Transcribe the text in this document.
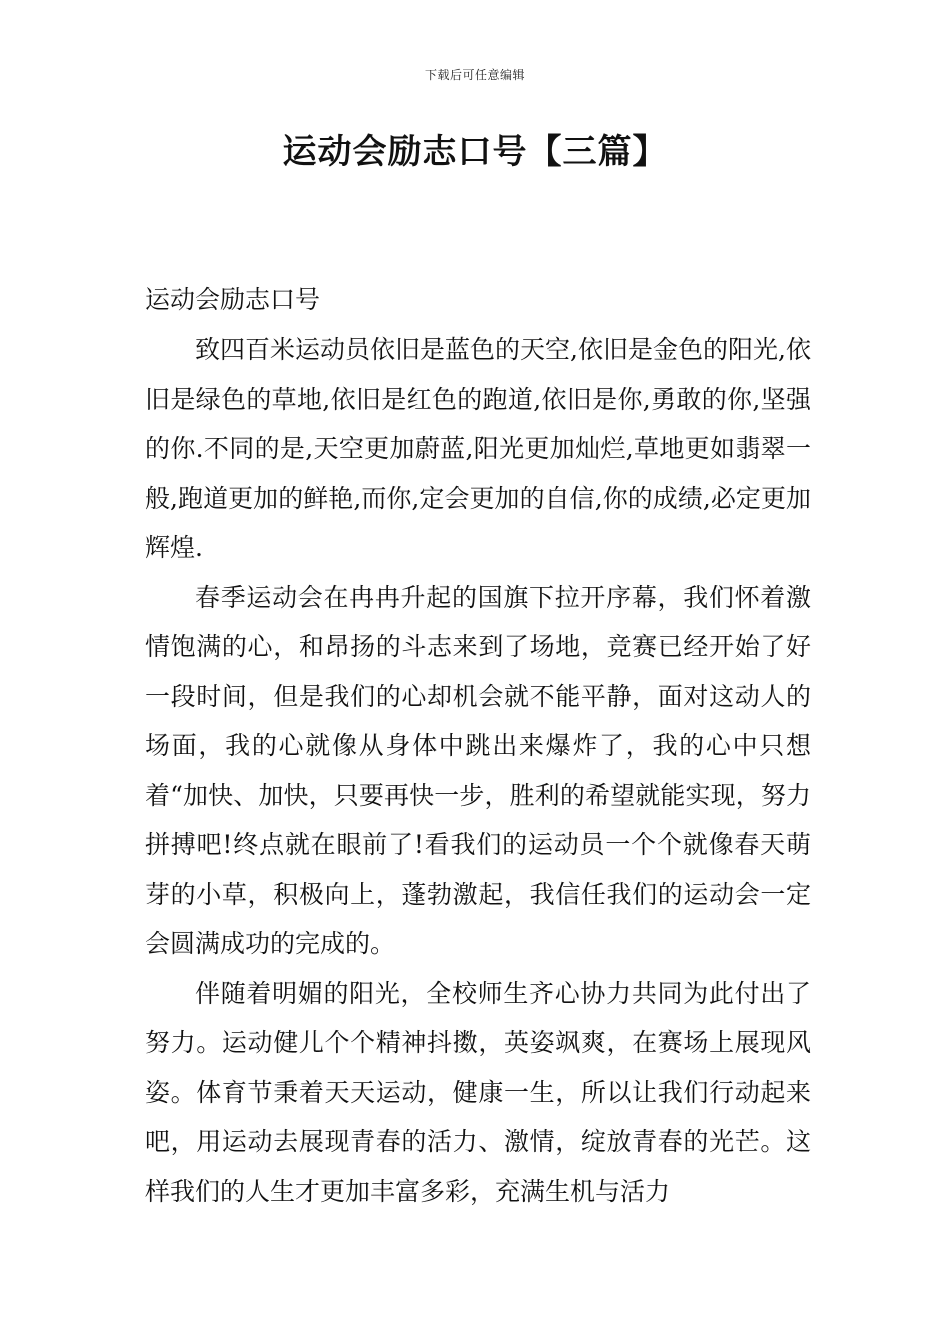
下载后可任意编辑
运动会励志口号【三篇】
运动会励志口号

致四百米运动员依旧是蓝色的天空,依旧是金色的阳光,依旧是绿色的草地,依旧是红色的跑道,依旧是你,勇敢的你,坚强的你.不同的是,天空更加蔚蓝,阳光更加灿烂,草地更如翡翠一般,跑道更加的鲜艳,而你,定会更加的自信,你的成绩,必定更加辉煌.

春季运动会在冉冉升起的国旗下拉开序幕，我们怀着激情饱满的心，和昂扬的斗志来到了场地，竞赛已经开始了好一段时间，但是我们的心却机会就不能平静，面对这动人的场面，我的心就像从身体中跳出来爆炸了，我的心中只想着“加快、加快，只要再快一步，胜利的希望就能实现，努力拼搏吧!终点就在眼前了!看我们的运动员一个个就像春天萌芽的小草，积极向上，蓬勃激起，我信任我们的运动会一定会圆满成功的完成的。

伴随着明媚的阳光，全校师生齐心协力共同为此付出了努力。运动健儿个个精神抖擞，英姿飒爽，在赛场上展现风姿。体育节秉着天天运动，健康一生，所以让我们行动起来吧，用运动去展现青春的活力、激情，绽放青春的光芒。这样我们的人生才更加丰富多彩，充满生机与活力
